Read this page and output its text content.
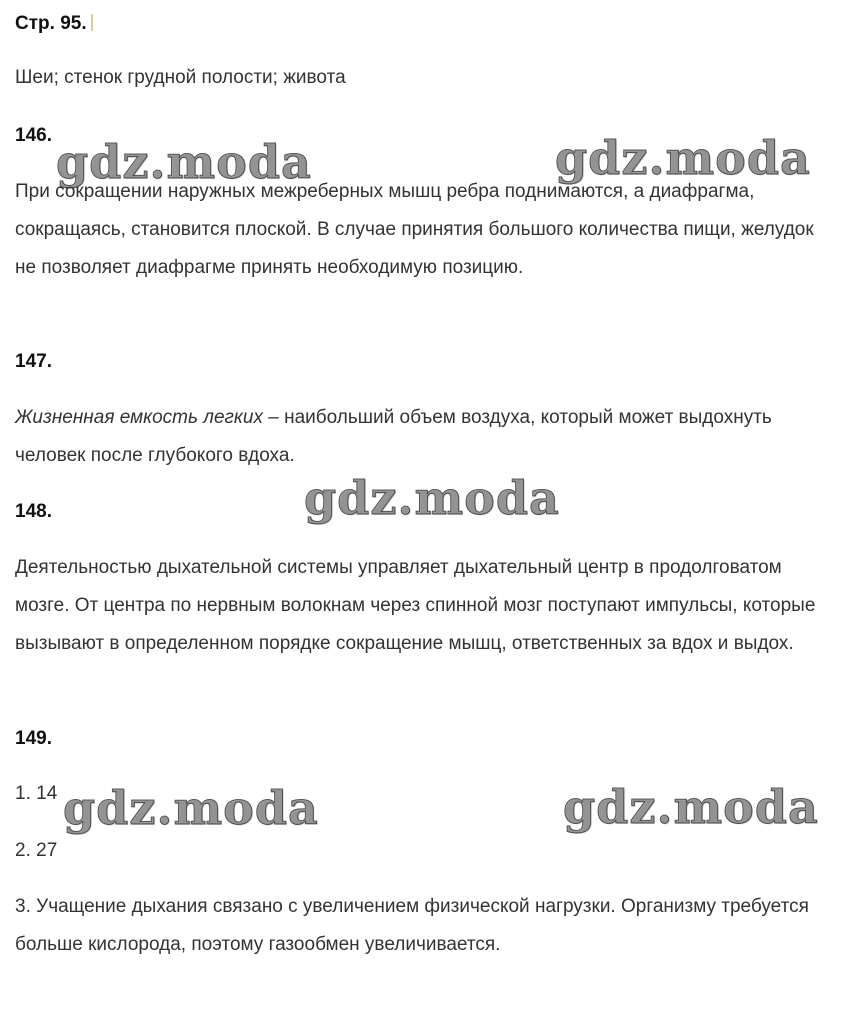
Стр. 95.

Шеи; стенок грудной полости; живота

146.

При сокращении наружных межреберных мышц ребра поднимаются, а диафрагма, сокращаясь, становится плоской. В случае принятия большого количества пищи, желудок не позволяет диафрагме принять необходимую позицию.

147.

Жизненная емкость легких – наибольший объем воздуха, который может выдохнуть человек после глубокого вдоха.

148.

Деятельностью дыхательной системы управляет дыхательный центр в продолговатом мозге. От центра по нервным волокнам через спинной мозг поступают импульсы, которые вызывают в определенном порядке сокращение мышц, ответственных за вдох и выдох.

149.
1. 14
2. 27

3. Учащение дыхания связано с увеличением физической нагрузки. Организму требуется больше кислорода, поэтому газообмен увеличивается.

gdz.moda	gdz.moda
gdz.moda
gdz.moda	gdz.moda
